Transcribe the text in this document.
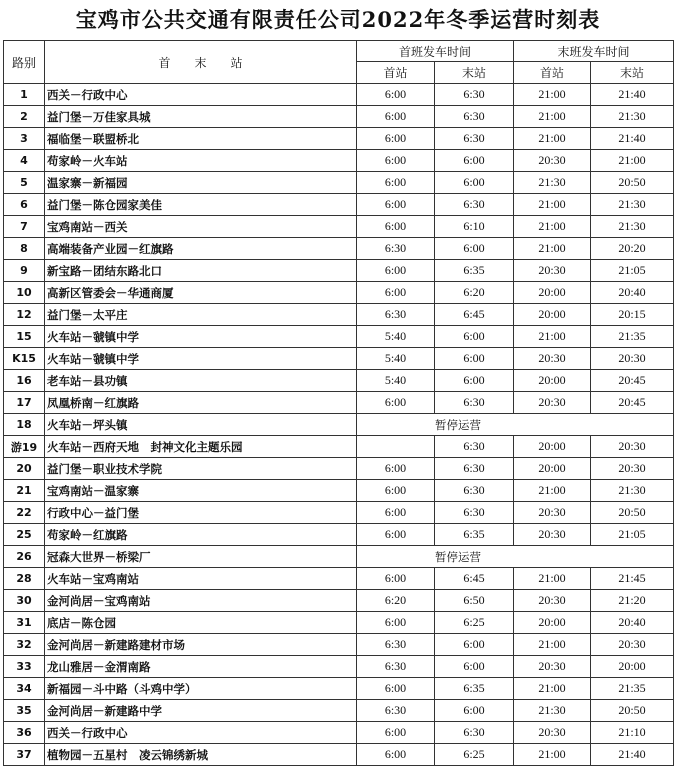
宝鸡市公共交通有限责任公司2022年冬季运营时刻表
路别	首　　末　　站	首班发车时间		末班发车时间	
		首站	末站	首站	末站
1	西关－行政中心	6:00	6:30	21:00	21:40
2	益门堡－万佳家具城	6:00	6:30	21:00	21:30
3	福临堡－联盟桥北	6:00	6:30	21:00	21:40
4	苟家岭－火车站	6:00	6:00	20:30	21:00
5	温家寨－新福园	6:00	6:00	21:30	20:50
6	益门堡－陈仓园家美佳	6:00	6:30	21:00	21:30
7	宝鸡南站－西关	6:00	6:10	21:00	21:30
8	高端装备产业园－红旗路	6:30	6:00	21:00	20:20
9	新宝路－团结东路北口	6:00	6:35	20:30	21:05
10	高新区管委会－华通商厦	6:00	6:20	20:00	20:40
12	益门堡－太平庄	6:30	6:45	20:00	20:15
15	火车站－虢镇中学	5:40	6:00	21:00	21:35
K15	火车站－虢镇中学	5:40	6:00	20:30	20:30
16	老车站－县功镇	5:40	6:00	20:00	20:45
17	凤凰桥南－红旗路	6:00	6:30	20:30	20:45
18	火车站－坪头镇	暂停运营			
游19	火车站－西府天地　封神文化主题乐园		6:30	20:00	20:30
20	益门堡－职业技术学院	6:00	6:30	20:00	20:30
21	宝鸡南站－温家寨	6:00	6:30	21:00	21:30
22	行政中心－益门堡	6:00	6:30	20:30	20:50
25	苟家岭－红旗路	6:00	6:35	20:30	21:05
26	冠森大世界－桥梁厂	暂停运营			
28	火车站－宝鸡南站	6:00	6:45	21:00	21:45
30	金河尚居－宝鸡南站	6:20	6:50	20:30	21:20
31	底店－陈仓园	6:00	6:25	20:00	20:40
32	金河尚居－新建路建材市场	6:30	6:00	21:00	20:30
33	龙山雅居－金渭南路	6:30	6:00	20:30	20:00
34	新福园－斗中路（斗鸡中学）	6:00	6:35	21:00	21:35
35	金河尚居－新建路中学	6:30	6:00	21:30	20:50
36	西关－行政中心	6:00	6:30	20:30	21:10
37	植物园－五星村　凌云锦绣新城	6:00	6:25	21:00	21:40
